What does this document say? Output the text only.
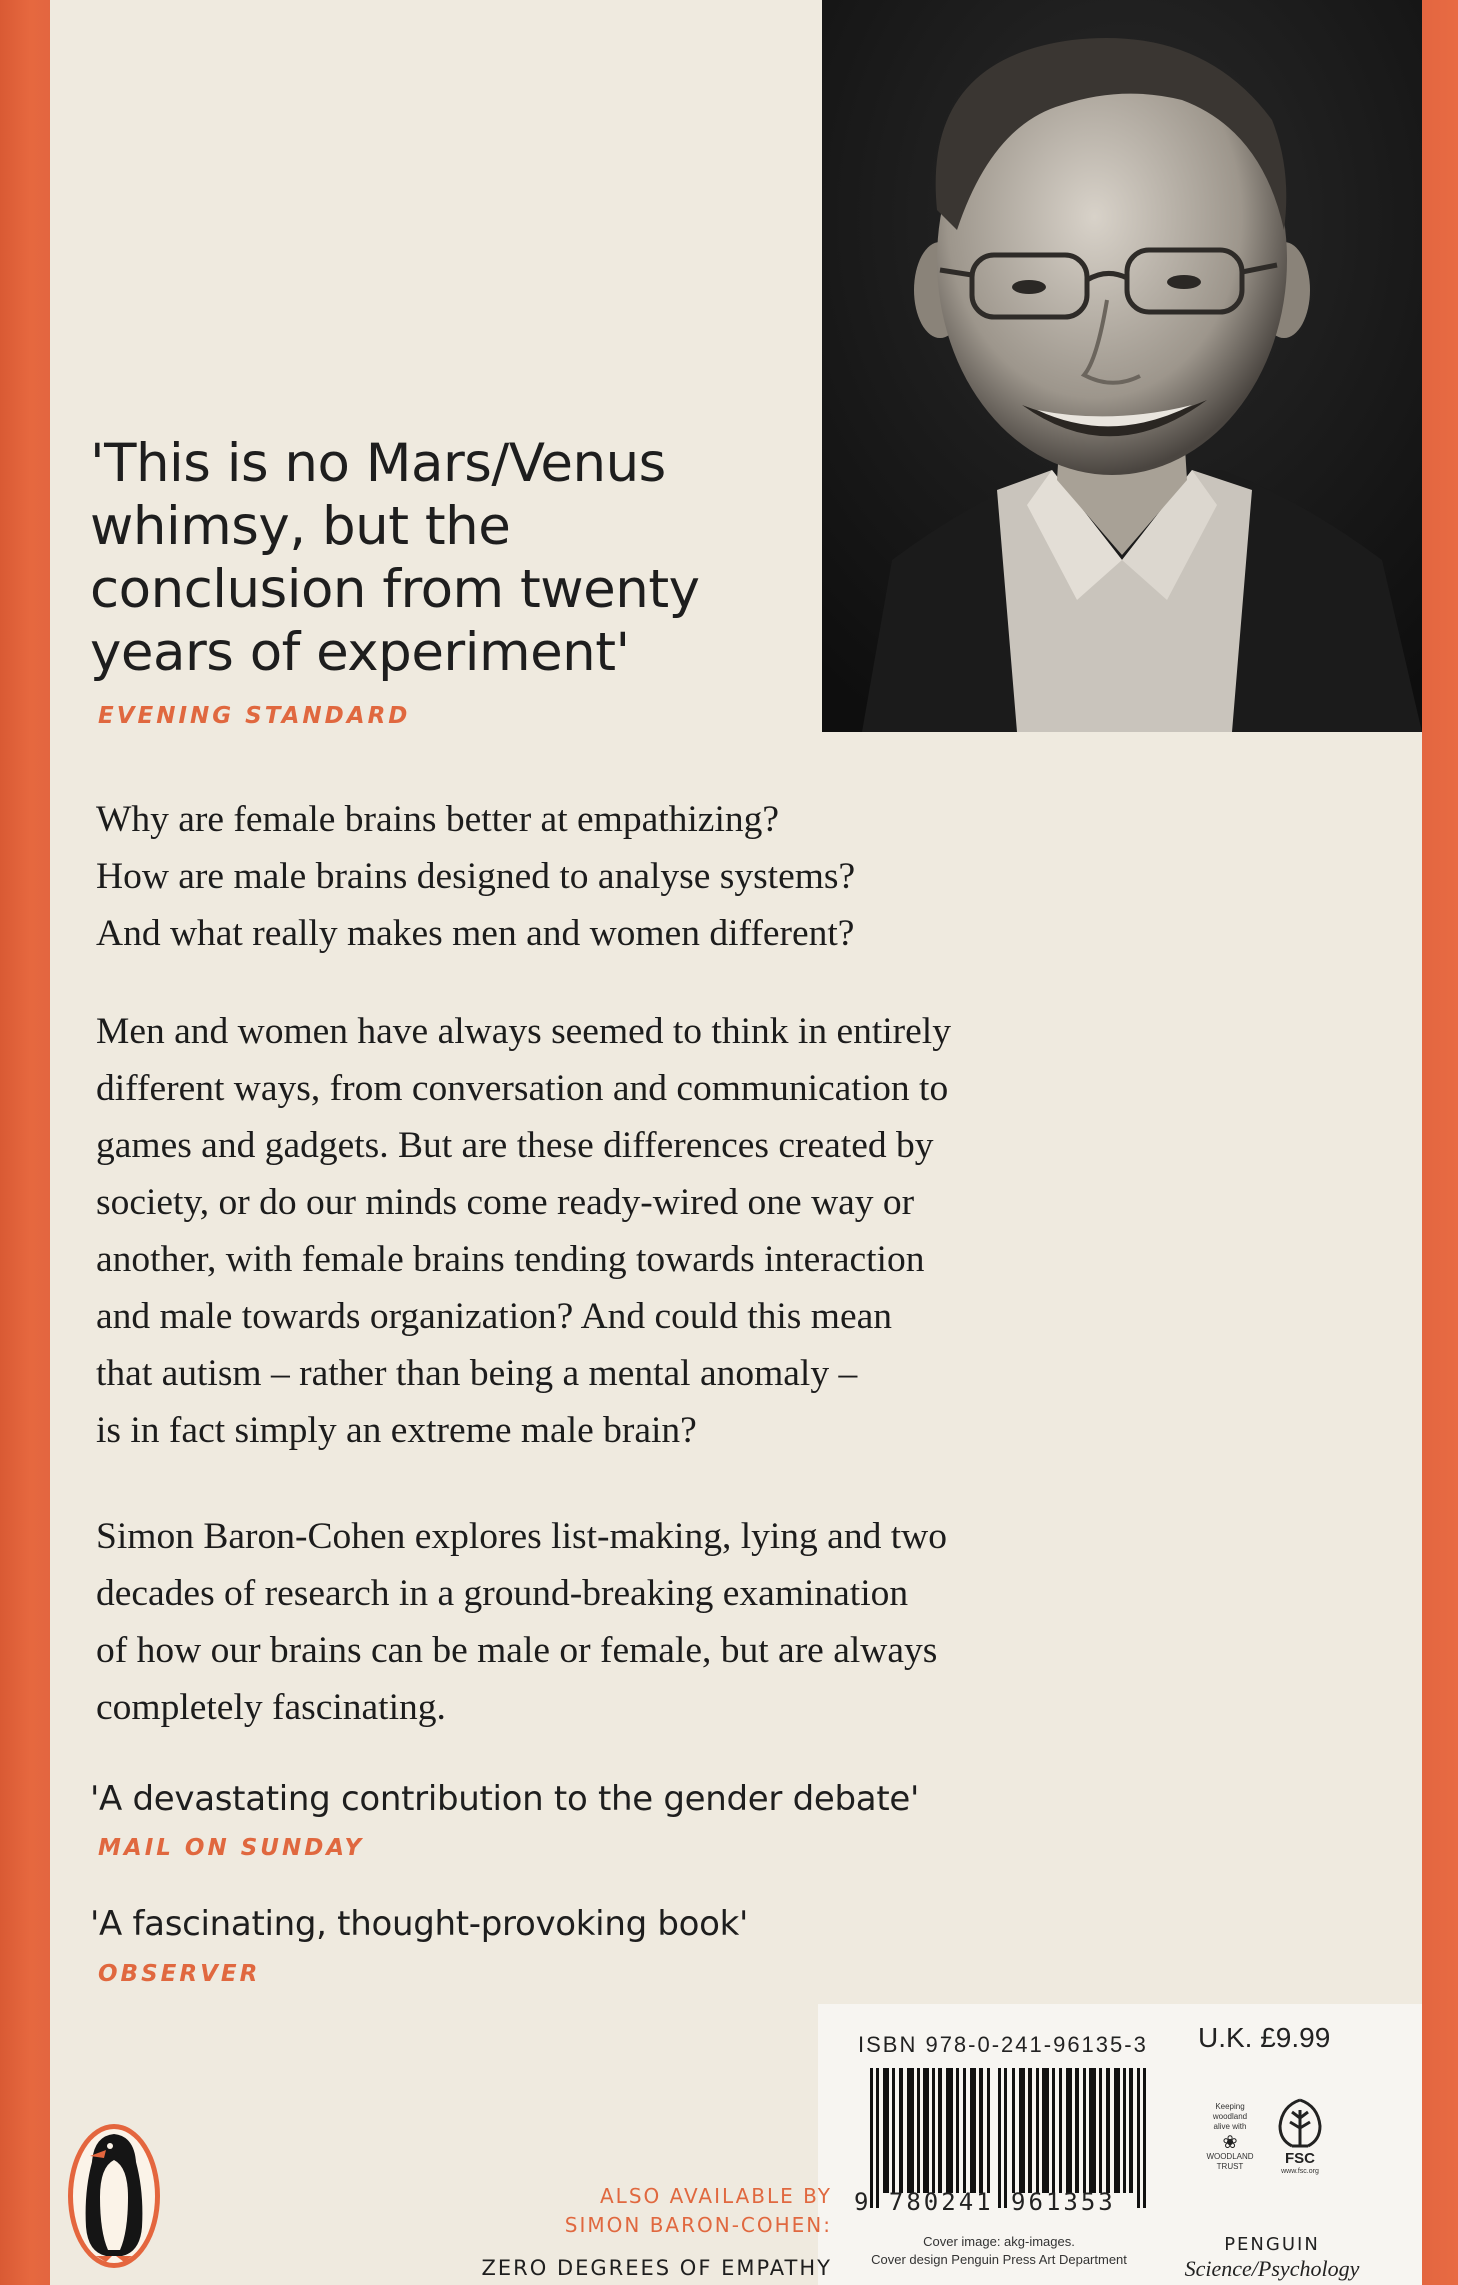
'This is no Mars/Venus
whimsy, but the
conclusion from twenty
years of experiment'
EVENING STANDARD
Why are female brains better at empathizing?
How are male brains designed to analyse systems?
And what really makes men and women different?
Men and women have always seemed to think in entirely
different ways, from conversation and communication to
games and gadgets. But are these differences created by
society, or do our minds come ready-wired one way or
another, with female brains tending towards interaction
and male towards organization? And could this mean
that autism – rather than being a mental anomaly –
is in fact simply an extreme male brain?
Simon Baron-Cohen explores list-making, lying and two
decades of research in a ground-breaking examination
of how our brains can be male or female, but are always
completely fascinating.
'A devastating contribution to the gender debate'
MAIL ON SUNDAY
'A fascinating, thought-provoking book'
OBSERVER
ALSO AVAILABLE BY
SIMON BARON-COHEN:
ZERO DEGREES OF EMPATHY
ISBN 978-0-241-96135-3 U.K. £9.99
9 780241 961353
Keeping
woodland
alive with
❀
WOODLAND
TRUST	FSC
www.fsc.org
Cover image: akg-images.
Cover design Penguin Press Art Department
PENGUIN
Science/Psychology
